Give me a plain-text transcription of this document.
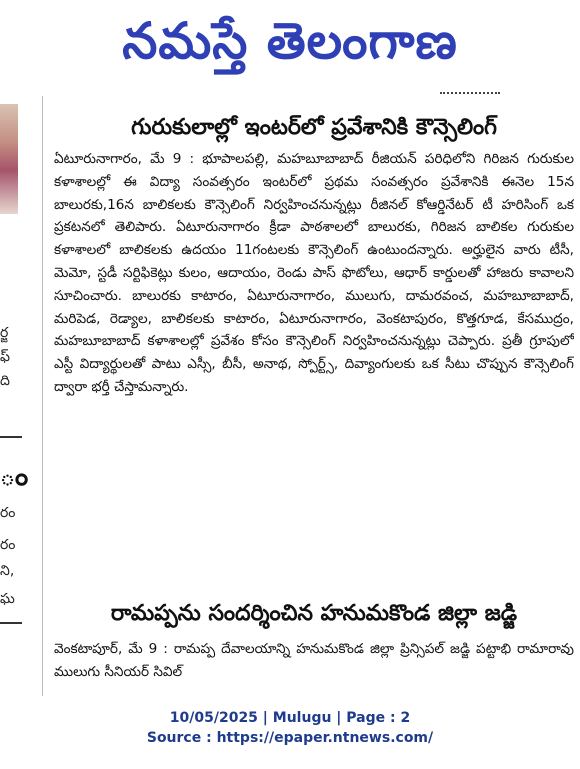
నమస్తే తెలంగాణ
ర్జ
ఫ్
ది
ం
రం
రం
ని,
ఘ
గురుకులాల్లో ఇంటర్‌లో ప్రవేశానికి కౌన్సెలింగ్
ఏటూరునాగారం, మే 9 : భూపాలపల్లి, మహబూబాబాద్ రీజియన్ పరిధిలోని గిరిజన గురుకుల కళాశాలల్లో ఈ విద్యా సంవత్సరం ఇంటర్‌లో ప్రథమ సంవత్సరం ప్రవేశానికి ఈనెల 15న బాలురకు,16న బాలికలకు కౌన్సెలింగ్ నిర్వహించనున్నట్లు రీజినల్ కోఆర్డినేటర్ టీ హరిసింగ్ ఒక ప్రకటనలో తెలిపారు. ఏటూరునాగారం క్రీడా పాఠశాలలో బాలురకు, గిరిజన బాలికల గురుకుల కళాశాలలో బాలికలకు ఉదయం 11గంటలకు కౌన్సెలింగ్ ఉంటుందన్నారు. అర్హులైన వారు టీసీ, మెమో, స్టడీ సర్టిఫికెట్లు కులం, ఆదాయం, రెండు పాస్ ఫొటోలు, ఆధార్ కార్డులతో హాజరు కావాలని సూచించారు. బాలురకు కాటారం, ఏటూరునాగారం, ములుగు, దామరవంచ, మహబూబాబాద్, మరిపెడ, రెడ్యాల, బాలికలకు కాటారం, ఏటూరునాగారం, వెంకటాపురం, కొత్తగూడ, కేసముద్రం, మహబూబాబాద్ కళాశాలల్లో ప్రవేశం కోసం కౌన్సెలింగ్ నిర్వహించనున్నట్లు చెప్పారు. ప్రతీ గ్రూపులో ఎస్టీ విద్యార్థులతో పాటు ఎస్సీ, బీసీ, అనాథ, స్పోర్ట్స్, దివ్యాంగులకు ఒక సీటు చొప్పున కౌన్సెలింగ్ ద్వారా భర్తీ చేస్తామన్నారు.
రామప్పను సందర్శించిన హనుమకొండ జిల్లా జడ్జి
వెంకటాపూర్, మే 9 : రామప్ప దేవాలయాన్ని హనుమకొండ జిల్లా ప్రిన్సిపల్ జడ్జి పట్టాభి రామారావు ములుగు సీనియర్ సివిల్
10/05/2025 | Mulugu | Page : 2
Source : https://epaper.ntnews.com/
